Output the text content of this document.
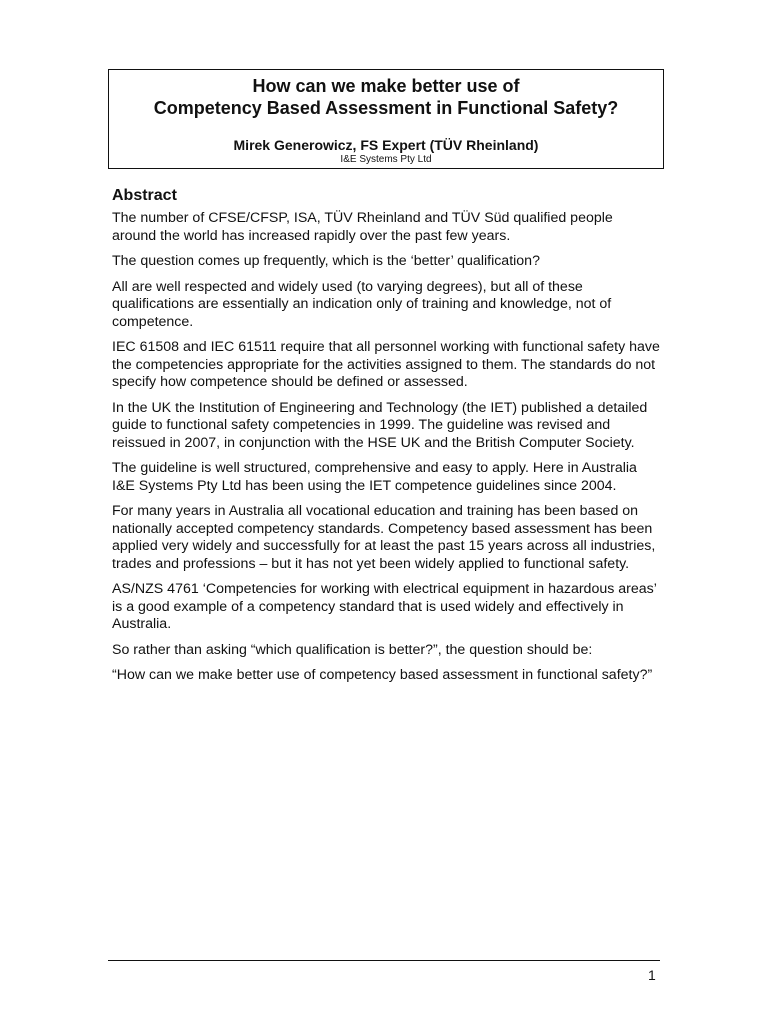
How can we make better use of
Competency Based Assessment in Functional Safety?
Mirek Generowicz, FS Expert (TÜV Rheinland)
I&E Systems Pty Ltd
Abstract

The number of CFSE/CFSP, ISA, TÜV Rheinland and TÜV Süd qualified people around the world has increased rapidly over the past few years.

The question comes up frequently, which is the ‘better’ qualification?

All are well respected and widely used (to varying degrees), but all of these qualifications are essentially an indication only of training and knowledge, not of competence.

IEC 61508 and IEC 61511 require that all personnel working with functional safety have the competencies appropriate for the activities assigned to them. The standards do not specify how competence should be defined or assessed.

In the UK the Institution of Engineering and Technology (the IET) published a detailed guide to functional safety competencies in 1999. The guideline was revised and reissued in 2007, in conjunction with the HSE UK and the British Computer Society.

The guideline is well structured, comprehensive and easy to apply. Here in Australia I&E Systems Pty Ltd has been using the IET competence guidelines since 2004.

For many years in Australia all vocational education and training has been based on nationally accepted competency standards. Competency based assessment has been applied very widely and successfully for at least the past 15 years across all industries, trades and professions – but it has not yet been widely applied to functional safety.

AS/NZS 4761 ‘Competencies for working with electrical equipment in hazardous areas’ is a good example of a competency standard that is used widely and effectively in Australia.

So rather than asking “which qualification is better?”, the question should be:

“How can we make better use of competency based assessment in functional safety?”

1
